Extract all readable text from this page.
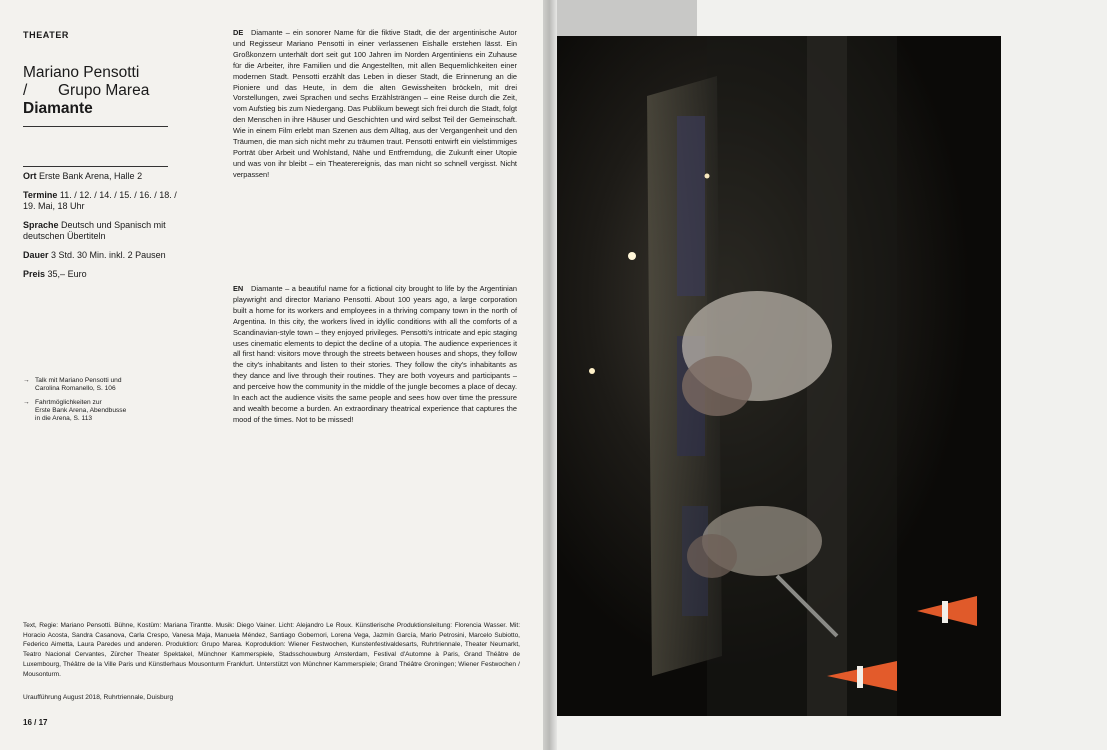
THEATER
Mariano Pensotti
/ Grupo Marea
Diamante
Ort Erste Bank Arena, Halle 2
Termine 11. / 12. / 14. / 15. / 16. / 18. / 19. Mai, 18 Uhr
Sprache Deutsch und Spanisch mit deutschen Übertiteln
Dauer 3 Std. 30 Min. inkl. 2 Pausen
Preis 35,– Euro
→ Talk mit Mariano Pensotti und
Carolina Romanello, S. 106
→ Fahrtmöglichkeiten zur
Erste Bank Arena, Abendbusse
in die Arena, S. 113
DE Diamante – ein sonorer Name für die fiktive Stadt, die der argentinische Autor und Regisseur Mariano Pensotti in einer verlassenen Eishalle erstehen lässt. Ein Großkonzern unterhält dort seit gut 100 Jahren im Norden Argentiniens ein Zuhause für die Arbeiter, ihre Familien und die Angestellten, mit allen Bequemlichkeiten einer modernen Stadt. Pensotti erzählt das Leben in dieser Stadt, die Erinnerung an die Pioniere und das Heute, in dem die alten Gewissheiten bröckeln, mit drei Vorstellungen, zwei Sprachen und sechs Erzählsträngen – eine Reise durch die Zeit, vom Aufstieg bis zum Niedergang. Das Publikum bewegt sich frei durch die Stadt, folgt den Menschen in ihre Häuser und Geschichten und wird selbst Teil der Gemeinschaft. Wie in einem Film erlebt man Szenen aus dem Alltag, aus der Vergangenheit und den Träumen, die man sich nicht mehr zu träumen traut. Pensotti entwirft ein vielstimmiges Porträt über Arbeit und Wohlstand, Nähe und Entfremdung, die Zukunft einer Utopie und was von ihr bleibt – ein Theaterereignis, das man nicht so schnell vergisst. Nicht verpassen!
EN Diamante – a beautiful name for a fictional city brought to life by the Argentinian playwright and director Mariano Pensotti. About 100 years ago, a large corporation built a home for its workers and employees in a thriving company town in the north of Argentina. In this city, the workers lived in idyllic conditions with all the comforts of a Scandinavian-style town – they enjoyed privileges. Pensotti's intricate and epic staging uses cinematic elements to depict the decline of a utopia. The audience experiences it all first hand: visitors move through the streets between houses and shops, they follow the city's inhabitants and listen to their stories. They follow the city's inhabitants as they dance and live through their routines. They are both voyeurs and participants – and perceive how the community in the middle of the jungle becomes a place of decay. In each act the audience visits the same people and sees how over time the pressure and wealth become a burden. An extraordinary theatrical experience that captures the mood of the times. Not to be missed!
Text, Regie: Mariano Pensotti. Bühne, Kostüm: Mariana Tirantte. Musik: Diego Vainer. Licht: Alejandro Le Roux. Künstlerische Produktionsleitung: Florencia Wasser. Mit: Horacio Acosta, Sandra Casanova, Carla Crespo, Vanesa Maja, Manuela Méndez, Santiago Gobernori, Lorena Vega, Jazmín García, Mario Petrosini, Marcelo Subiotto, Federico Aimetta, Laura Paredes und anderen. Produktion: Grupo Marea. Koproduktion: Wiener Festwochen, Kunstenfestivaldesarts, Ruhrtriennale, Theater Neumarkt, Teatro Nacional Cervantes, Zürcher Theater Spektakel, Münchner Kammerspiele, Stadsschouwburg Amsterdam, Festival d'Automne à Paris, Grand Théâtre de Luxembourg, Théâtre de la Ville Paris und Künstlerhaus Mousonturm Frankfurt. Unterstützt von Münchner Kammerspiele; Grand Théâtre Groningen; Wiener Festwochen / Mousonturm.
Uraufführung August 2018, Ruhrtriennale, Duisburg
16 / 17
